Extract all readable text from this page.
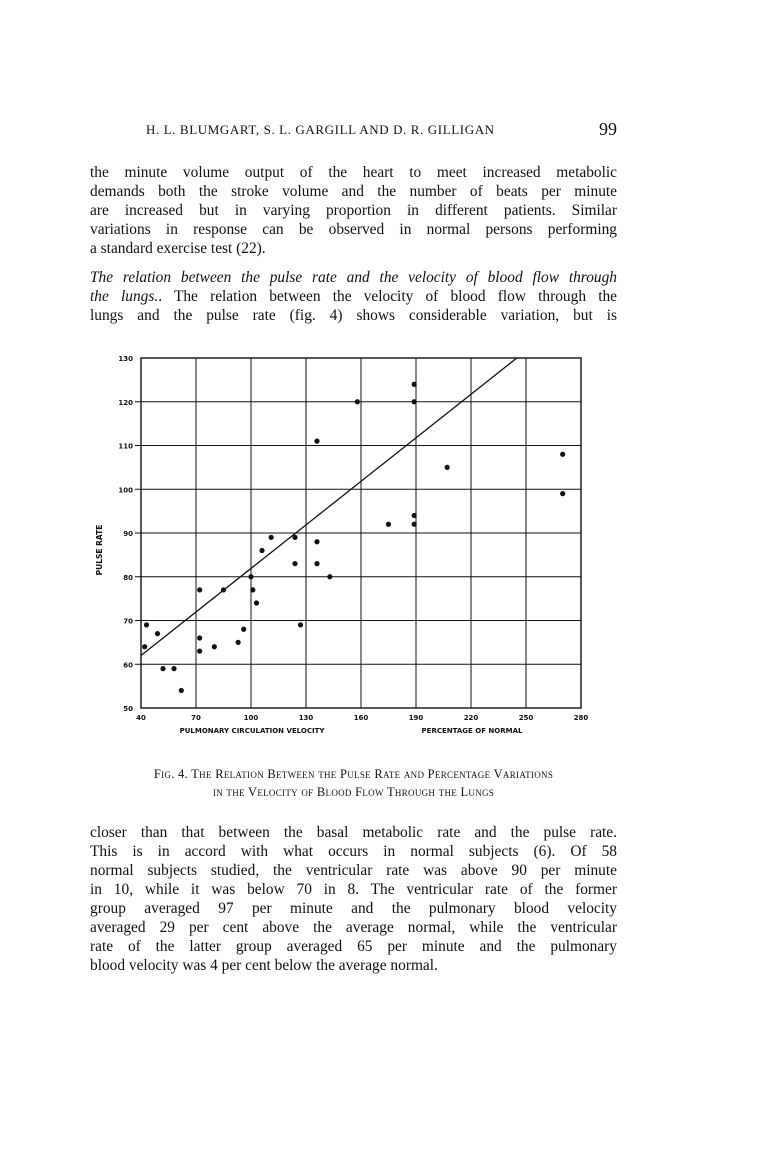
H. L. BLUMGART, S. L. GARGILL AND D. R. GILLIGAN	99
the minute volume output of the heart to meet increased metabolic
demands both the stroke volume and the number of beats per minute
are increased but in varying proportion in different patients. Similar
variations in response can be observed in normal persons performing
a standard exercise test (22).
The relation between the pulse rate and the velocity of blood flow through
the lungs.. The relation between the velocity of blood flow through the
lungs and the pulse rate (fig. 4) shows considerable variation, but is
40	70	100	130	160	190	220	250	280
50
60
70
80
90
100
110
120
130
PULSE RATE
PULMONARY CIRCULATION VELOCITY	PERCENTAGE OF NORMAL
Fig. 4. The Relation Between the Pulse Rate and Percentage Variations
in the Velocity of Blood Flow Through the Lungs
closer than that between the basal metabolic rate and the pulse rate.
This is in accord with what occurs in normal subjects (6). Of 58
normal subjects studied, the ventricular rate was above 90 per minute
in 10, while it was below 70 in 8. The ventricular rate of the former
group averaged 97 per minute and the pulmonary blood velocity
averaged 29 per cent above the average normal, while the ventricular
rate of the latter group averaged 65 per minute and the pulmonary
blood velocity was 4 per cent below the average normal.
